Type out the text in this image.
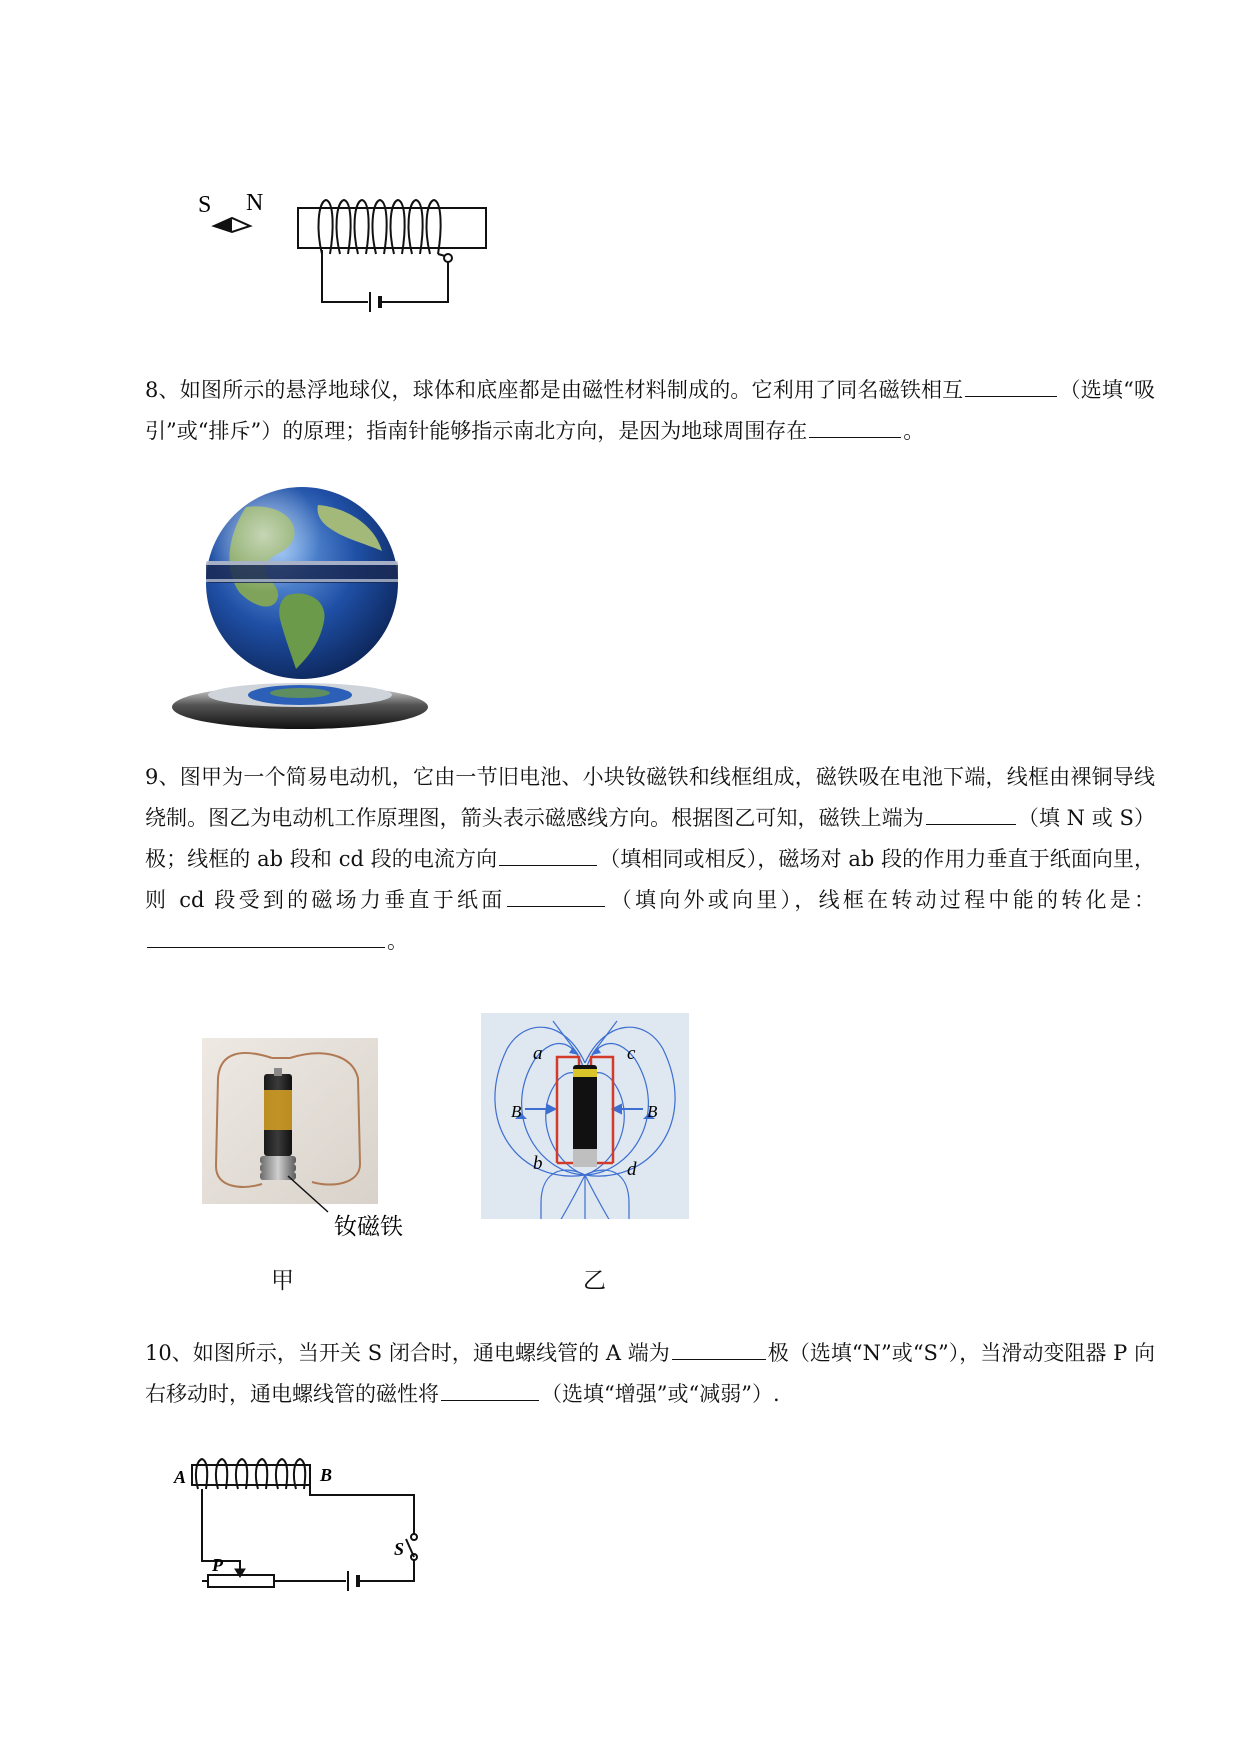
S N
8、如图所示的悬浮地球仪，球体和底座都是由磁性材料制成的。它利用了同名磁铁相互	（选填“吸引”或“排斥”）的原理；指南针能够指示南北方向，是因为地球周围存在	。
9、图甲为一个简易电动机，它由一节旧电池、小块钕磁铁和线框组成，磁铁吸在电池下端，线框由裸铜导线绕制。图乙为电动机工作原理图，箭头表示磁感线方向。根据图乙可知，磁铁上端为	（填 N 或 S）极；线框的 ab 段和 cd 段的电流方向	（填相同或相反），磁场对 ab 段的作用力垂直于纸面向里，则 cd 段受到的磁场力垂直于纸面	（填向外或向里），线框在转动过程中能的转化是：。
钕磁铁
甲
a	c
b	d
B	B
乙
10、如图所示，当开关 S 闭合时，通电螺线管的 A 端为	极（选填“N”或“S”），当滑动变阻器 P 向右移动时，通电螺线管的磁性将	（选填“增强”或“减弱”）.
A	B
S
P
